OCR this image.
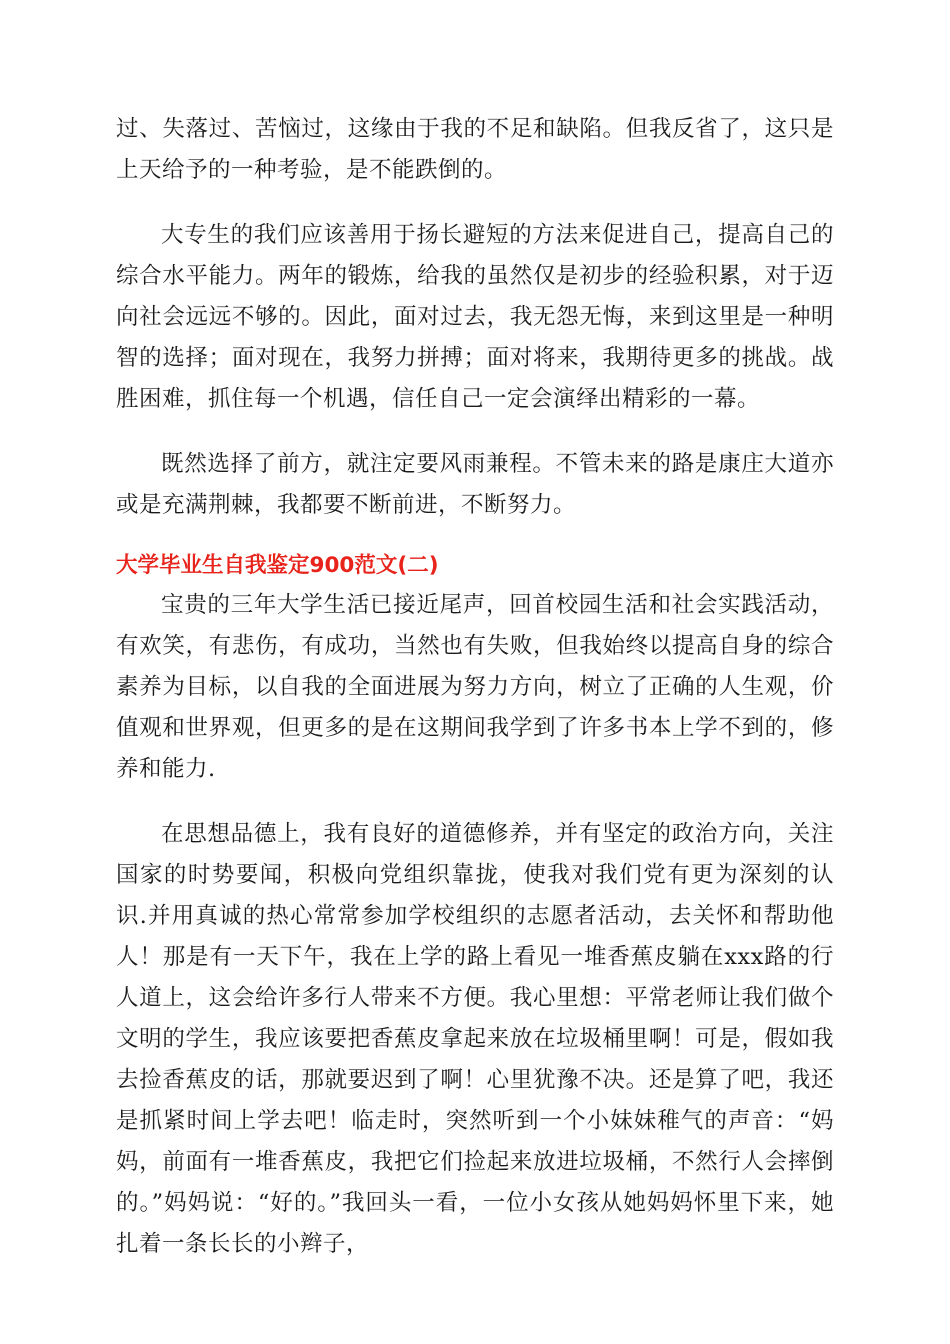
过、失落过、苦恼过，这缘由于我的不足和缺陷。但我反省了，这只是上天给予的一种考验，是不能跌倒的。

大专生的我们应该善用于扬长避短的方法来促进自己，提高自己的综合水平能力。两年的锻炼，给我的虽然仅是初步的经验积累，对于迈向社会远远不够的。因此，面对过去，我无怨无悔，来到这里是一种明智的选择；面对现在，我努力拼搏；面对将来，我期待更多的挑战。战胜困难，抓住每一个机遇，信任自己一定会演绎出精彩的一幕。

既然选择了前方，就注定要风雨兼程。不管未来的路是康庄大道亦或是充满荆棘，我都要不断前进，不断努力。

大学毕业生自我鉴定900范文(二)

宝贵的三年大学生活已接近尾声，回首校园生活和社会实践活动，有欢笑，有悲伤，有成功，当然也有失败，但我始终以提高自身的综合素养为目标，以自我的全面进展为努力方向，树立了正确的人生观，价值观和世界观，但更多的是在这期间我学到了许多书本上学不到的，修养和能力.

在思想品德上，我有良好的道德修养，并有坚定的政治方向，关注国家的时势要闻，积极向党组织靠拢，使我对我们党有更为深刻的认识.并用真诚的热心常常参加学校组织的志愿者活动，去关怀和帮助他人！那是有一天下午，我在上学的路上看见一堆香蕉皮躺在xxx路的行人道上，这会给许多行人带来不方便。我心里想：平常老师让我们做个文明的学生，我应该要把香蕉皮拿起来放在垃圾桶里啊！可是，假如我去捡香蕉皮的话，那就要迟到了啊！心里犹豫不决。还是算了吧，我还是抓紧时间上学去吧！临走时，突然听到一个小妹妹稚气的声音：“妈妈，前面有一堆香蕉皮，我把它们捡起来放进垃圾桶，不然行人会摔倒的。”妈妈说：“好的。”我回头一看，一位小女孩从她妈妈怀里下来，她扎着一条长长的小辫子，
